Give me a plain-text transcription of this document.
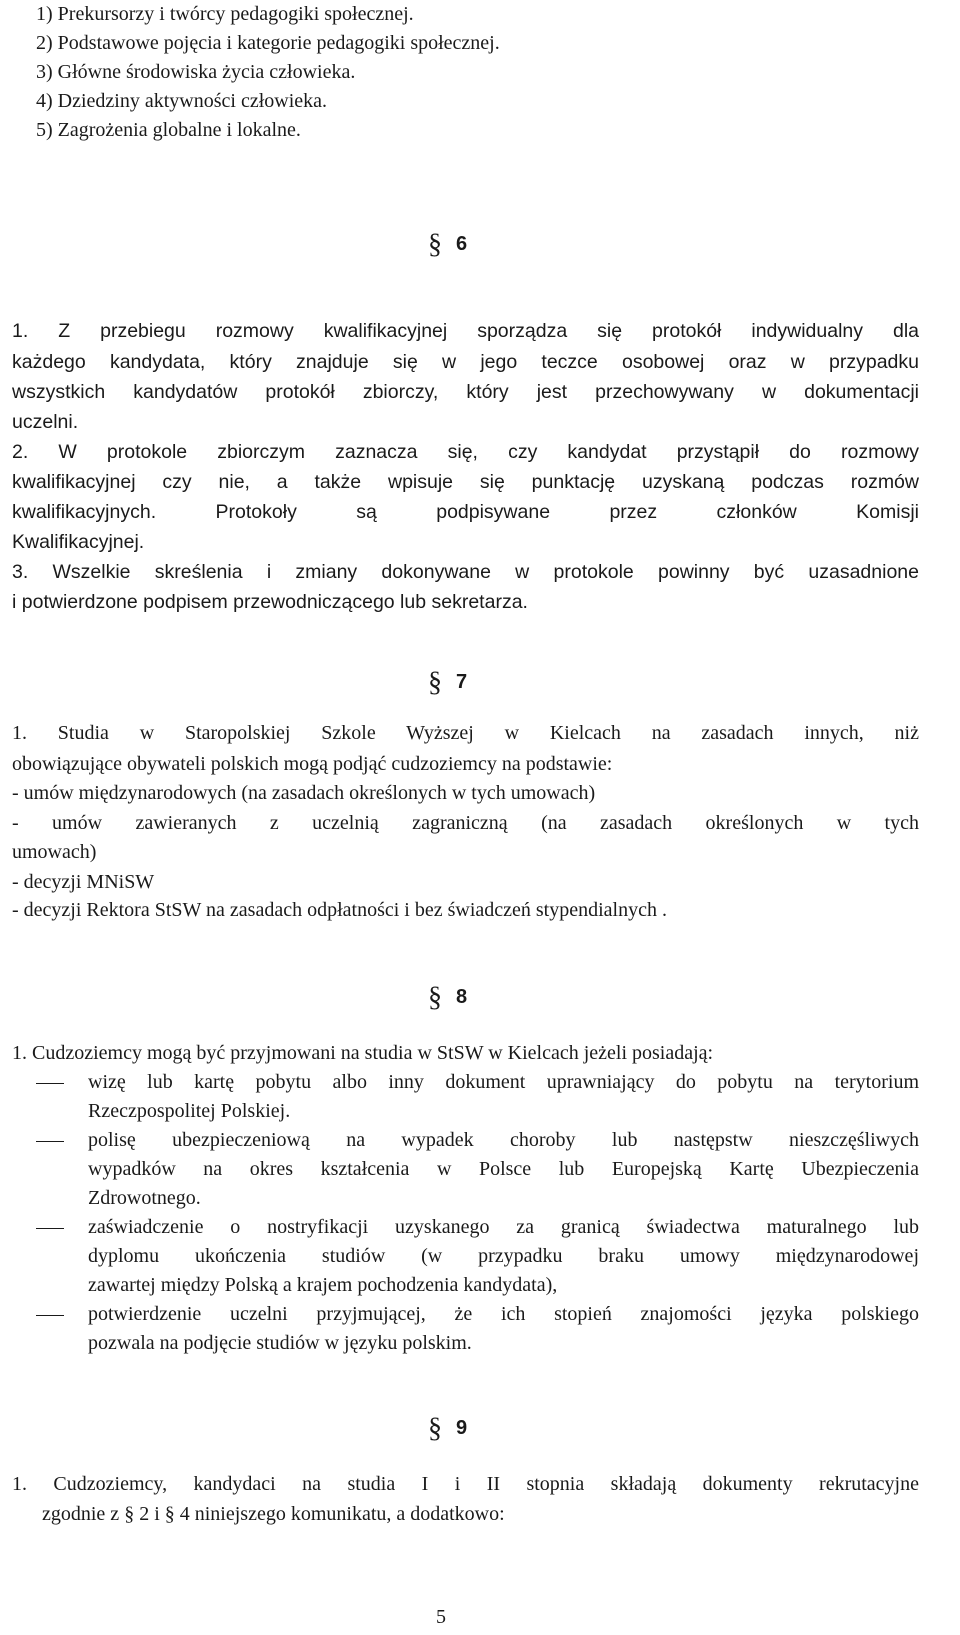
1) Prekursorzy i twórcy pedagogiki społecznej.
2) Podstawowe pojęcia i kategorie pedagogiki społecznej.
3) Główne środowiska życia człowieka.
4) Dziedziny aktywności człowieka.
5) Zagrożenia globalne i lokalne.
§ 6
1. Z przebiegu rozmowy kwalifikacyjnej sporządza się protokół indywidualny dla
każdego kandydata, który znajduje się w jego teczce osobowej oraz w przypadku
wszystkich kandydatów protokół zbiorczy, który jest przechowywany w dokumentacji
uczelni.
2. W protokole zbiorczym zaznacza się, czy kandydat przystąpił do rozmowy
kwalifikacyjnej czy nie, a także wpisuje się punktację uzyskaną podczas rozmów
kwalifikacyjnych. Protokoły są podpisywane przez członków Komisji
Kwalifikacyjnej.
3. Wszelkie skreślenia i zmiany dokonywane w protokole powinny być uzasadnione
i potwierdzone podpisem przewodniczącego lub sekretarza.
§ 7
1. Studia w Staropolskiej Szkole Wyższej w Kielcach na zasadach innych, niż
obowiązujące obywateli polskich mogą podjąć cudzoziemcy na podstawie:
- umów międzynarodowych (na zasadach określonych w tych umowach)
- umów zawieranych z uczelnią zagraniczną (na zasadach określonych w tych
umowach)
- decyzji MNiSW
- decyzji Rektora StSW na zasadach odpłatności i bez świadczeń stypendialnych .
§ 8
1. Cudzoziemcy mogą być przyjmowani na studia w StSW w Kielcach jeżeli posiadają:
wizę lub kartę pobytu albo inny dokument uprawniający do pobytu na terytorium
Rzeczpospolitej Polskiej.
polisę ubezpieczeniową na wypadek choroby lub następstw nieszczęśliwych
wypadków na okres kształcenia w Polsce lub Europejską Kartę Ubezpieczenia
Zdrowotnego.
zaświadczenie o nostryfikacji uzyskanego za granicą świadectwa maturalnego lub
dyplomu ukończenia studiów (w przypadku braku umowy międzynarodowej
zawartej między Polską a krajem pochodzenia kandydata),
potwierdzenie uczelni przyjmującej, że ich stopień znajomości języka polskiego
pozwala na podjęcie studiów w języku polskim.
§ 9
1. Cudzoziemcy, kandydaci na studia I i II stopnia składają dokumenty rekrutacyjne
zgodnie z § 2 i § 4 niniejszego komunikatu, a dodatkowo:
5
